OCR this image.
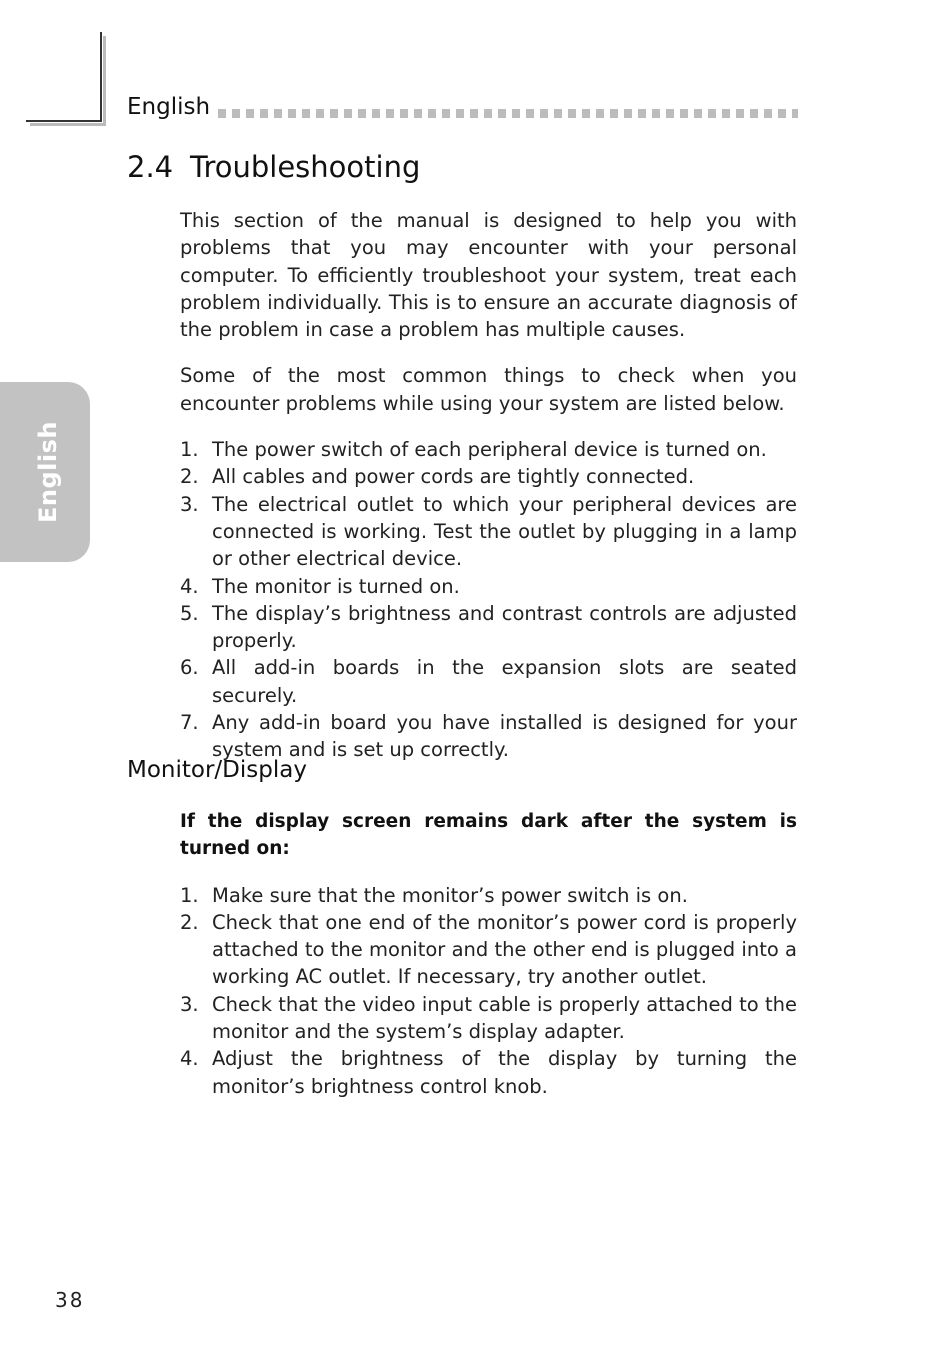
English
English
2.4 Troubleshooting

This section of the manual is designed to help you with problems that you may encounter with your personal computer. To efficiently troubleshoot your system, treat each problem individually. This is to ensure an accurate diagnosis of the problem in case a problem has multiple causes.

Some of the most common things to check when you encounter problems while using your system are listed below.

1. The power switch of each peripheral device is turned on.
2. All cables and power cords are tightly connected.
3. The electrical outlet to which your peripheral devices are connected is working. Test the outlet by plugging in a lamp or other electrical device.
4. The monitor is turned on.
5. The display’s brightness and contrast controls are adjusted properly.
6. All add-in boards in the expansion slots are seated securely.
7. Any add-in board you have installed is designed for your system and is set up correctly.
Monitor/Display

If the display screen remains dark after the system is turned on:

1. Make sure that the monitor’s power switch is on.
2. Check that one end of the monitor’s power cord is properly attached to the monitor and the other end is plugged into a working AC outlet. If necessary, try another outlet.
3. Check that the video input cable is properly attached to the monitor and the system’s display adapter.
4. Adjust the brightness of the display by turning the monitor’s brightness control knob.
38
